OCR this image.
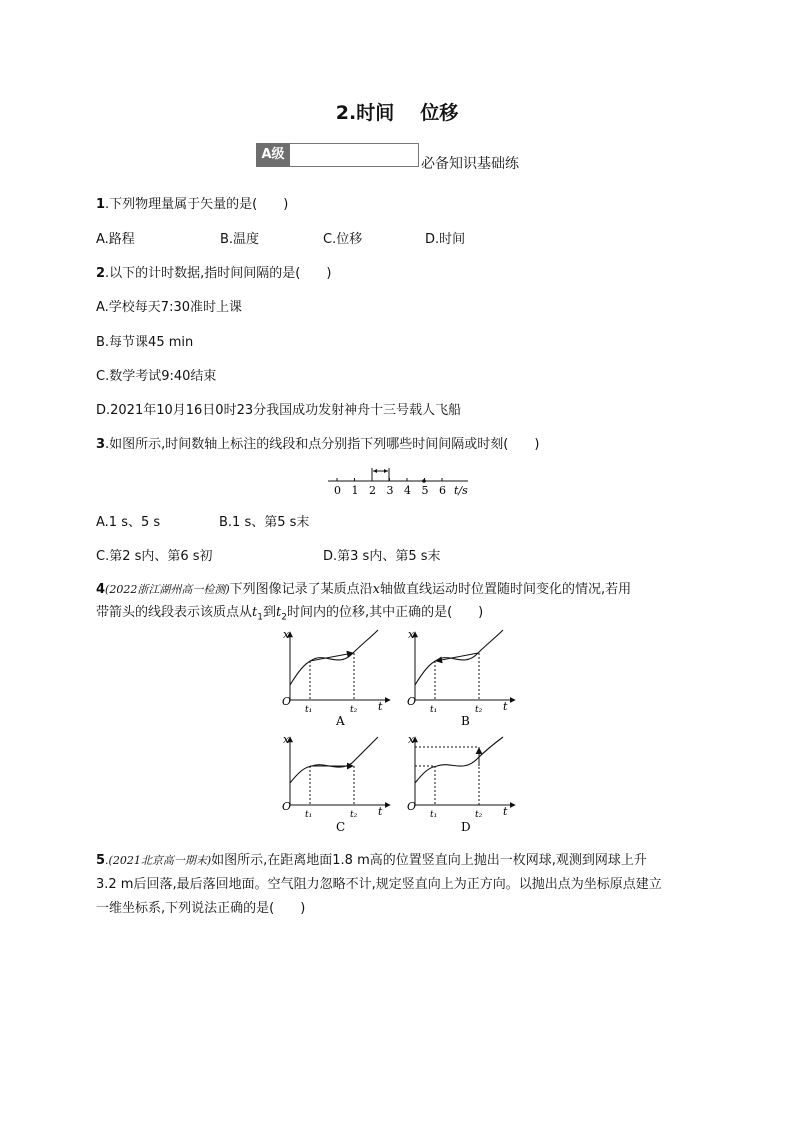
2.时间 位移
A级
必备知识基础练
1.下列物理量属于矢量的是(　　)
A.路程	B.温度	C.位移	D.时间
2.以下的计时数据,指时间间隔的是(　　)
A.学校每天7:30准时上课
B.每节课45 min
C.数学考试9:40结束
D.2021年10月16日0时23分我国成功发射神舟十三号载人飞船
3.如图所示,时间数轴上标注的线段和点分别指下列哪些时间间隔或时刻(　　)
0 1 2 3 4 5 6 t/s
A.1 s、5 s	B.1 s、第5 s末
C.第2 s内、第6 s初	D.第3 s内、第5 s末
4(2022浙江湖州高一检测)下列图像记录了某质点沿x轴做直线运动时位置随时间变化的情况,若用
带箭头的线段表示该质点从$t_1$到$t_2$时间内的位移,其中正确的是(　　)
x
O	t
t₁	t₂
A
x
O	t
t₁	t₂
B
x
O	t
t₁	t₂
C
x
O	t
t₁	t₂
D
5.(2021北京高一期末)如图所示,在距离地面1.8 m高的位置竖直向上抛出一枚网球,观测到网球上升
3.2 m后回落,最后落回地面。空气阻力忽略不计,规定竖直向上为正方向。以抛出点为坐标原点建立
一维坐标系,下列说法正确的是(　　)
